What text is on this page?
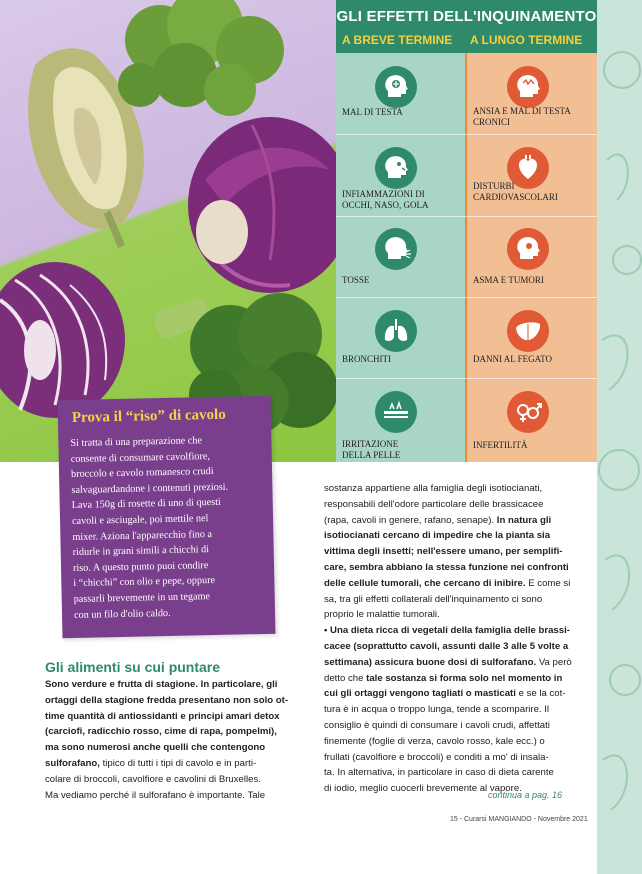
GLI EFFETTI DELL'INQUINAMENTO
A BREVE TERMINE A LUNGO TERMINE
MAL DI TESTA
INFIAMMAZIONI DI OCCHI, NASO, GOLA
TOSSE
BRONCHITI
IRRITAZIONE DELLA PELLE
ANSIA E MAL DI TESTA CRONICI
DISTURBI CARDIOVASCOLARI
ASMA E TUMORI
DANNI AL FEGATO
INFERTILITÀ
Prova il “riso” di cavolo
Si tratta di una preparazione che
consente di consumare cavolfiore,
broccolo e cavolo romanesco crudi
salvaguardandone i contenuti preziosi.
Lava 150g di rosette di uno di questi
cavoli e asciugale, poi mettile nel
mixer. Aziona l'apparecchio fino a
ridurle in grani simili a chicchi di
riso. A questo punto puoi condire
i “chicchi” con olio e pepe, oppure
passarli brevemente in un tegame
con un filo d'olio caldo.
Gli alimenti su cui puntare
Sono verdure e frutta di stagione. In particolare, gli
ortaggi della stagione fredda presentano non solo ot-
time quantità di antiossidanti e principi amari detox
(carciofi, radicchio rosso, cime di rapa, pompelmi),
ma sono numerosi anche quelli che contengono
sulforafano, tipico di tutti i tipi di cavolo e in parti-
colare di broccoli, cavolfiore e cavolini di Bruxelles.
Ma vediamo perché il sulforafano è importante. Tale
sostanza appartiene alla famiglia degli isotiocianati,
responsabili dell'odore particolare delle brassicacee
(rapa, cavoli in genere, rafano, senape). In natura gli
isotiocianati cercano di impedire che la pianta sia
vittima degli insetti; nell'essere umano, per semplifi-
care, sembra abbiano la stessa funzione nei confronti
delle cellule tumorali, che cercano di inibire. E come si
sa, tra gli effetti collaterali dell'inquinamento ci sono
proprio le malattie tumorali.
• Una dieta ricca di vegetali della famiglia delle brassi-
cacee (soprattutto cavoli, assunti dalle 3 alle 5 volte a
settimana) assicura buone dosi di sulforafano. Va però
detto che tale sostanza si forma solo nel momento in
cui gli ortaggi vengono tagliati o masticati e se la cot-
tura è in acqua o troppo lunga, tende a scomparire. Il
consiglio è quindi di consumare i cavoli crudi, affettati
finemente (foglie di verza, cavolo rosso, kale ecc.) o
frullati (cavolfiore e broccoli) e conditi a mo' di insala-
ta. In alternativa, in particolare in caso di dieta carente
di iodio, meglio cuocerli brevemente al vapore.
continua a pag. 16
15 - Curarsi MANGIANDO - Novembre 2021
